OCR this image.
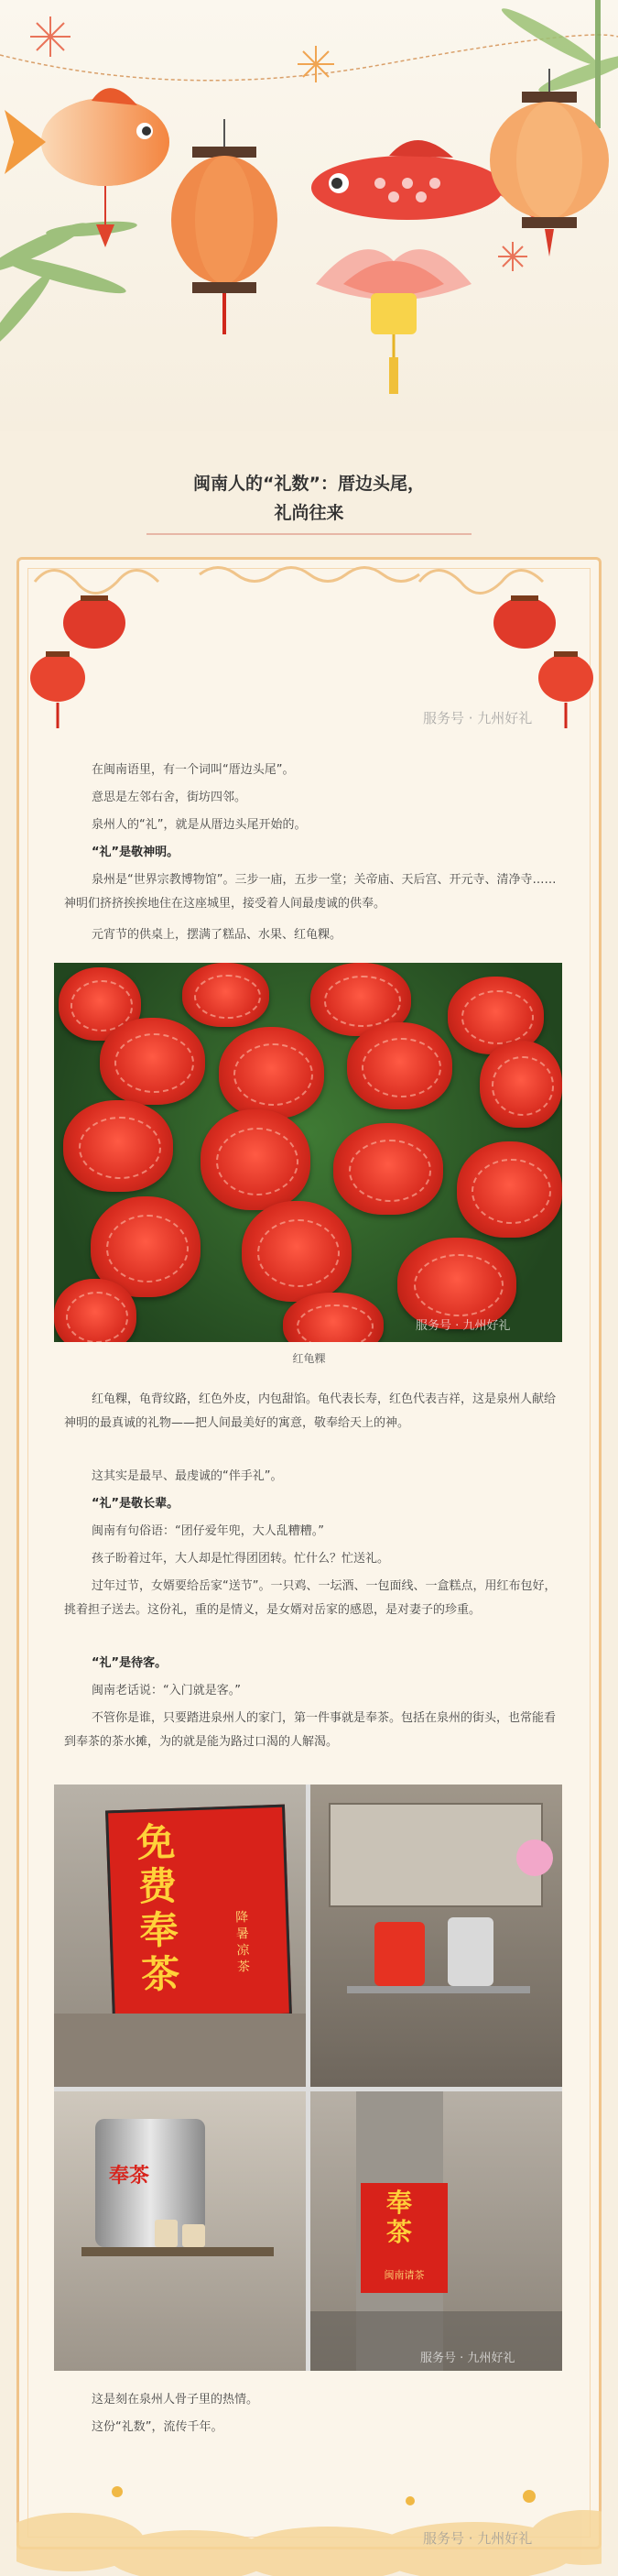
闽南人的“礼数”：厝边头尾，
礼尚往来
服务号 · 九州好礼
在闽南语里，有一个词叫“厝边头尾”。
意思是左邻右舍，街坊四邻。
泉州人的“礼”，就是从厝边头尾开始的。
“礼”是敬神明。
泉州是“世界宗教博物馆”。三步一庙，五步一堂；关帝庙、天后宫、开元寺、清净寺……神明们挤挤挨挨地住在这座城里，接受着人间最虔诚的供奉。
元宵节的供桌上，摆满了糕品、水果、红龟粿。
服务号 · 九州好礼
红龟粿
红龟粿，龟背纹路，红色外皮，内包甜馅。龟代表长寿，红色代表吉祥，这是泉州人献给神明的最真诚的礼物——把人间最美好的寓意，敬奉给天上的神。
这其实是最早、最虔诚的“伴手礼”。
“礼”是敬长辈。
闽南有句俗语：“团仔爱年兜，大人乱糟糟。”
孩子盼着过年，大人却是忙得团团转。忙什么？忙送礼。
过年过节，女婿要给岳家“送节”。一只鸡、一坛酒、一包面线、一盒糕点，用红布包好，挑着担子送去。这份礼，重的是情义，是女婿对岳家的感恩，是对妻子的珍重。
“礼”是待客。
闽南老话说：“入门就是客。”
不管你是谁，只要踏进泉州人的家门，第一件事就是奉茶。包括在泉州的街头，也常能看到奉茶的茶水摊，为的就是能为路过口渴的人解渴。
免费奉茶
降暑凉茶
奉茶
奉茶
闽南请茶
服务号 · 九州好礼
这是刻在泉州人骨子里的热情。
这份“礼数”，流传千年。
服务号 · 九州好礼
